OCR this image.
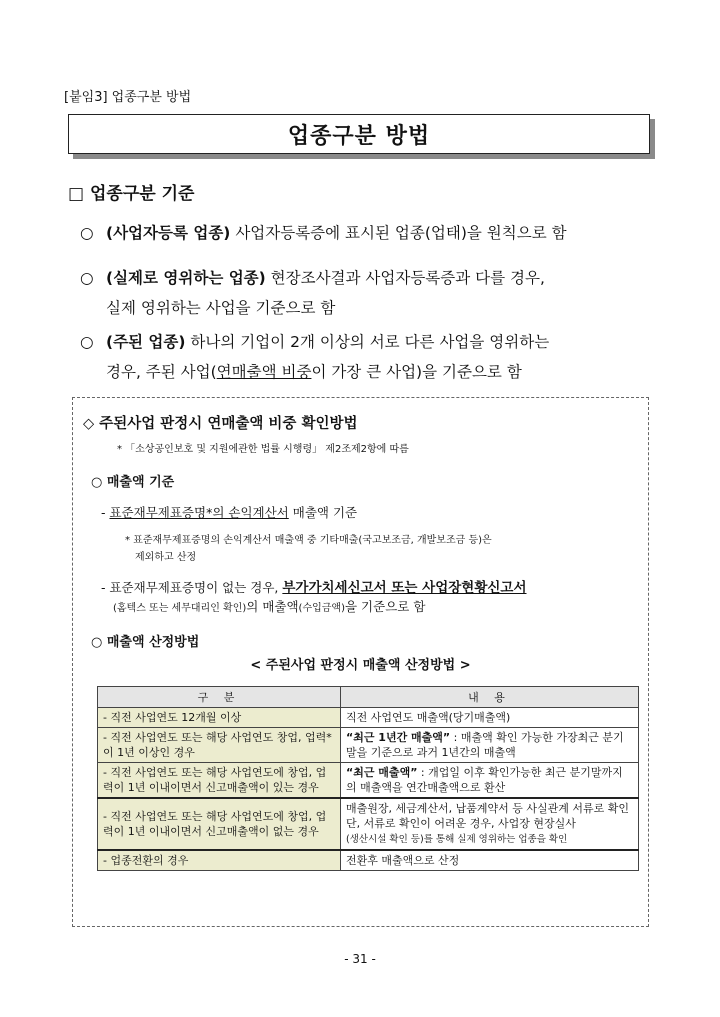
[붙임3] 업종구분 방법
업종구분 방법
□ 업종구분 기준
○ (사업자등록 업종) 사업자등록증에 표시된 업종(업태)을 원칙으로 함
○ (실제로 영위하는 업종) 현장조사결과 사업자등록증과 다를 경우,
실제 영위하는 사업을 기준으로 함
○ (주된 업종) 하나의 기업이 2개 이상의 서로 다른 사업을 영위하는
경우, 주된 사업(연매출액 비중이 가장 큰 사업)을 기준으로 함
◇ 주된사업 판정시 연매출액 비중 확인방법
* 「소상공인보호 및 지원에관한 법률 시행령」 제2조제2항에 따름
○ 매출액 기준
- 표준재무제표증명*의 손익계산서 매출액 기준
* 표준재무제표증명의 손익계산서 매출액 중 기타매출(국고보조금, 개발보조금 등)은
제외하고 산정
- 표준재무제표증명이 없는 경우, 부가가치세신고서 또는 사업장현황신고서
(홈텍스 또는 세무대리인 확인)의 매출액(수입금액)을 기준으로 함
○ 매출액 산정방법
< 주된사업 판정시 매출액 산정방법 >
구 분	내 용
- 직전 사업연도 12개월 이상	직전 사업연도 매출액(당기매출액)
- 직전 사업연도 또는 해당 사업연도 창업, 업력*이 1년 이상인 경우	“최근 1년간 매출액” : 매출액 확인 가능한 가장최근 분기말을 기준으로 과거 1년간의 매출액
- 직전 사업연도 또는 해당 사업연도에 창업, 업력이 1년 이내이면서 신고매출액이 있는 경우	“최근 매출액” : 개업일 이후 확인가능한 최근 분기말까지의 매출액을 연간매출액으로 환산
- 직전 사업연도 또는 해당 사업연도에 창업, 업력이 1년 이내이면서 신고매출액이 없는 경우	매출원장, 세금계산서, 납품계약서 등 사실관계 서류로 확인
단, 서류로 확인이 어려운 경우, 사업장 현장실사
(생산시설 확인 등)를 통해 실제 영위하는 업종을 확인
- 업종전환의 경우	전환후 매출액으로 산정
- 31 -
